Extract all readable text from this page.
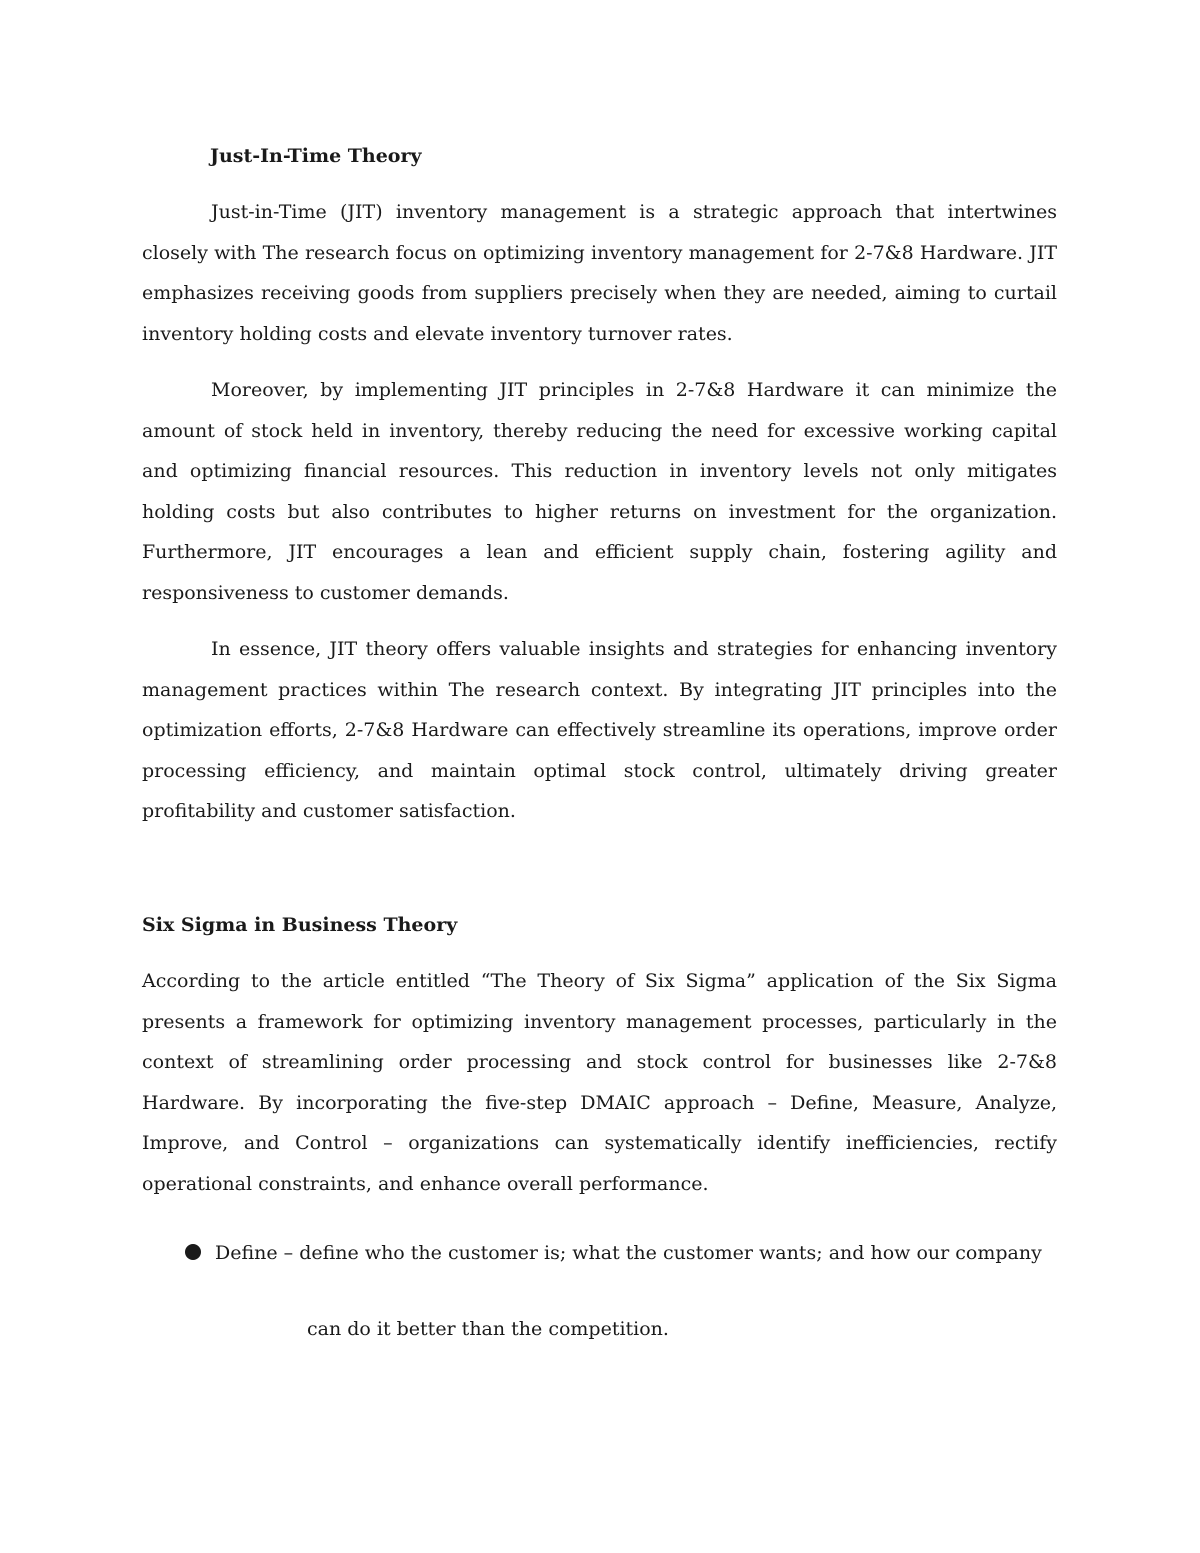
Just-In-Time Theory

Just-in-Time (JIT) inventory management is a strategic approach that intertwines closely with The research focus on optimizing inventory management for 2-7&8 Hardware. JIT emphasizes receiving goods from suppliers precisely when they are needed, aiming to curtail inventory holding costs and elevate inventory turnover rates.

Moreover, by implementing JIT principles in 2-7&8 Hardware it can minimize the amount of stock held in inventory, thereby reducing the need for excessive working capital and optimizing financial resources. This reduction in inventory levels not only mitigates holding costs but also contributes to higher returns on investment for the organization. Furthermore, JIT encourages a lean and efficient supply chain, fostering agility and responsiveness to customer demands.

In essence, JIT theory offers valuable insights and strategies for enhancing inventory management practices within The research context. By integrating JIT principles into the optimization efforts, 2-7&8 Hardware can effectively streamline its operations, improve order processing efficiency, and maintain optimal stock control, ultimately driving greater profitability and customer satisfaction.

Six Sigma in Business Theory

According to the article entitled “The Theory of Six Sigma” application of the Six Sigma presents a framework for optimizing inventory management processes, particularly in the context of streamlining order processing and stock control for businesses like 2-7&8 Hardware. By incorporating the five-step DMAIC approach – Define, Measure, Analyze, Improve, and Control – organizations can systematically identify inefficiencies, rectify operational constraints, and enhance overall performance.

Define – define who the customer is; what the customer wants; and how our company
can do it better than the competition.
